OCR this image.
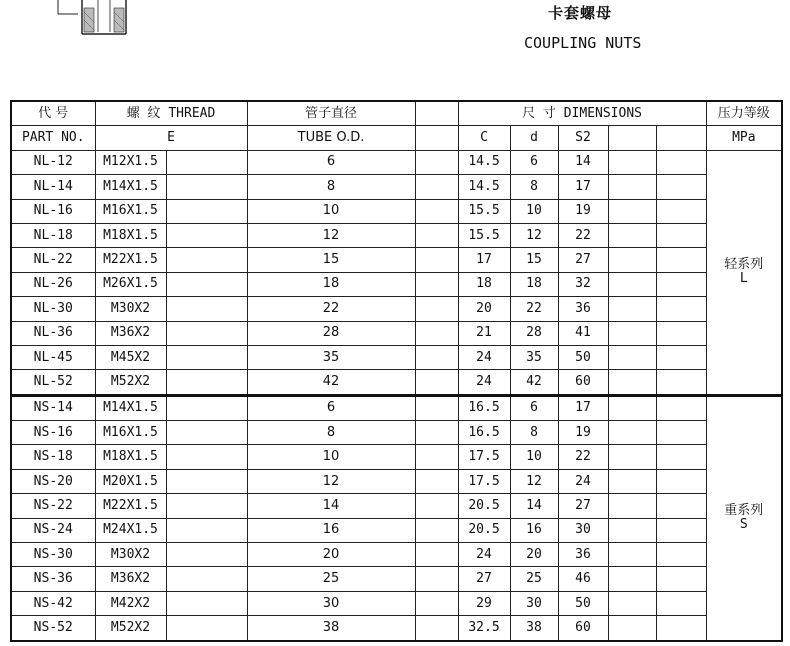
卡套螺母
COUPLING NUTS
代 号	螺 纹 THREAD		管子直径		尺 寸 DIMENSIONS					压力等级
PART NO.	E		TUBE O.D.		C	d	S2			MPa
NL-12	M12X1.5		6		14.5	6	14			轻系列
L

NL-14	M14X1.5		8		14.5	8	17			
NL-16	M16X1.5		10		15.5	10	19			
NL-18	M18X1.5		12		15.5	12	22			
NL-22	M22X1.5		15		17	15	27			
NL-26	M26X1.5		18		18	18	32			
NL-30	M30X2		22		20	22	36			
NL-36	M36X2		28		21	28	41			
NL-45	M45X2		35		24	35	50			
NL-52	M52X2		42		24	42	60			
NS-14	M14X1.5		6		16.5	6	17			重系列
S

NS-16	M16X1.5		8		16.5	8	19			
NS-18	M18X1.5		10		17.5	10	22			
NS-20	M20X1.5		12		17.5	12	24			
NS-22	M22X1.5		14		20.5	14	27			
NS-24	M24X1.5		16		20.5	16	30			
NS-30	M30X2		20		24	20	36			
NS-36	M36X2		25		27	25	46			
NS-42	M42X2		30		29	30	50			
NS-52	M52X2		38		32.5	38	60			
